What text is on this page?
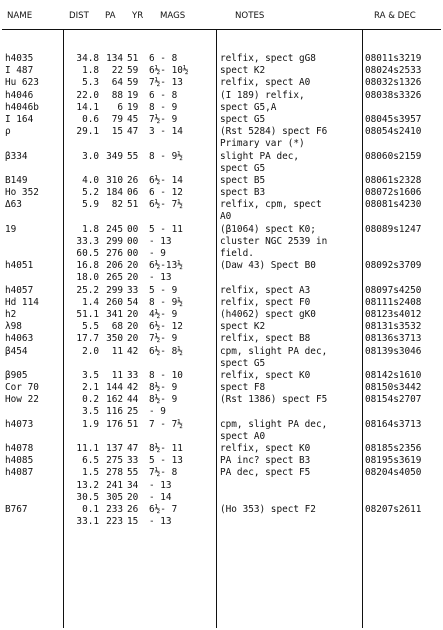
NAME	DIST PA YR MAGS	NOTES	RA & DEC
h4035	34.8 134 51 6 - 8	relfix, spect gG8	08011s3219
I 487	1.8 22 59 6½- 10½	spect K2	08024s2533
Hu 623	5.3 64 59 7½- 13	relfix, spect A0	08032s1326
h4046	22.0 88 19 6 - 8	(I 189) relfix,	08038s3326
h4046b	14.1 6 19 8 - 9	spect G5,A
I 164	0.6 79 45 7½- 9	spect G5	08045s3957
ρ	29.1 15 47 3 - 14	(Rst 5284) spect F6	08054s2410
Primary var (*)
β334	3.0 349 55 8 - 9½	slight PA dec,	08060s2159
spect G5
B149	4.0 310 26 6½- 14	spect B5	08061s2328
Ho 352	5.2 184 06 6 - 12	spect B3	08072s1606
Δ63	5.9 82 51 6½- 7½	relfix, cpm, spect	08081s4230
A0
19	1.8 245 00 5 - 11	(β1064) spect K0;	08089s1247
33.3 299 00 - 13	cluster NGC 2539 in
60.5 276 00 - 9	field.
h4051	16.8 206 20 6½-13½	(Daw 43) Spect B0	08092s3709
18.0 265 20 - 13
h4057	25.2 299 33 5 - 9	relfix, spect A3	08097s4250
Hd 114	1.4 260 54 8 - 9½	relfix, spect F0	08111s2408
h2	51.1 341 20 4½- 9	(h4062) spect gK0	08123s4012
λ98	5.5 68 20 6½- 12	spect K2	08131s3532
h4063	17.7 350 20 7½- 9	relfix, spect B8	08136s3713
β454	2.0 11 42 6½- 8½	cpm, slight PA dec,	08139s3046
spect G5
β905	3.5 11 33 8 - 10	relfix, spect K0	08142s1610
Cor 70	2.1 144 42 8½- 9	spect F8	08150s3442
How 22	0.2 162 44 8½- 9	(Rst 1386) spect F5	08154s2707
3.5 116 25 - 9
h4073	1.9 176 51 7 - 7½	cpm, slight PA dec,	08164s3713
spect A0
h4078	11.1 137 47 8½- 11	relfix, spect K0	08185s2356
h4085	6.5 275 33 5 - 13	PA inc? spect B3	08195s3619
h4087	1.5 278 55 7½- 8	PA dec, spect F5	08204s4050
13.2 241 34 - 13
30.5 305 20 - 14
B767	0.1 233 26 6½- 7	(Ho 353) spect F2	08207s2611
33.1 223 15 - 13
